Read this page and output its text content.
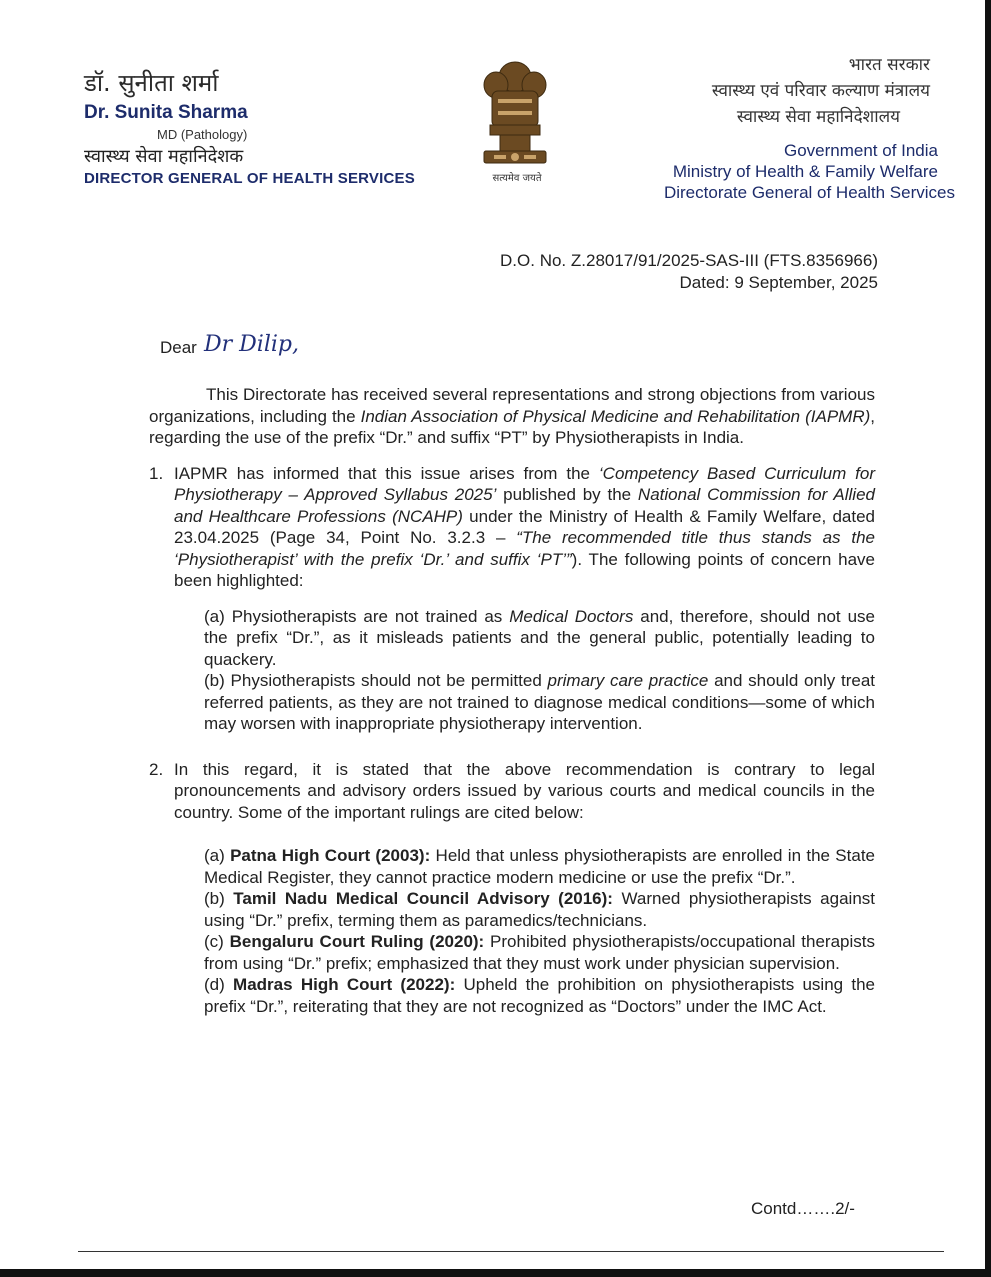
डॉ. सुनीता शर्मा
Dr. Sunita Sharma
MD (Pathology)
स्वास्थ्य सेवा महानिदेशक
DIRECTOR GENERAL OF HEALTH SERVICES	सत्यमेव जयते
भारत सरकार
स्वास्थ्य एवं परिवार कल्याण मंत्रालय
स्वास्थ्य सेवा महानिदेशालय
Government of India
Ministry of Health & Family Welfare
Directorate General of Health Services
D.O. No. Z.28017/91/2025-SAS-III (FTS.8356966)
Dated: 9 September, 2025
Dear Dr Dilip,

This Directorate has received several representations and strong objections from various organizations, including the Indian Association of Physical Medicine and Rehabilitation (IAPMR), regarding the use of the prefix “Dr.” and suffix “PT” by Physiotherapists in India.

1. IAPMR has informed that this issue arises from the ‘Competency Based Curriculum for Physiotherapy – Approved Syllabus 2025’ published by the National Commission for Allied and Healthcare Professions (NCAHP) under the Ministry of Health & Family Welfare, dated 23.04.2025 (Page 34, Point No. 3.2.3 – “The recommended title thus stands as the ‘Physiotherapist’ with the prefix ‘Dr.’ and suffix ‘PT’”). The following points of concern have been highlighted:

(a) Physiotherapists are not trained as Medical Doctors and, therefore, should not use the prefix “Dr.”, as it misleads patients and the general public, potentially leading to quackery.

(b) Physiotherapists should not be permitted primary care practice and should only treat referred patients, as they are not trained to diagnose medical conditions—some of which may worsen with inappropriate physiotherapy intervention.

2. In this regard, it is stated that the above recommendation is contrary to legal pronouncements and advisory orders issued by various courts and medical councils in the country. Some of the important rulings are cited below:

(a) Patna High Court (2003): Held that unless physiotherapists are enrolled in the State Medical Register, they cannot practice modern medicine or use the prefix “Dr.”.

(b) Tamil Nadu Medical Council Advisory (2016): Warned physiotherapists against using “Dr.” prefix, terming them as paramedics/technicians.

(c) Bengaluru Court Ruling (2020): Prohibited physiotherapists/occupational therapists from using “Dr.” prefix; emphasized that they must work under physician supervision.

(d) Madras High Court (2022): Upheld the prohibition on physiotherapists using the prefix “Dr.”, reiterating that they are not recognized as “Doctors” under the IMC Act.

Contd…….2/-
